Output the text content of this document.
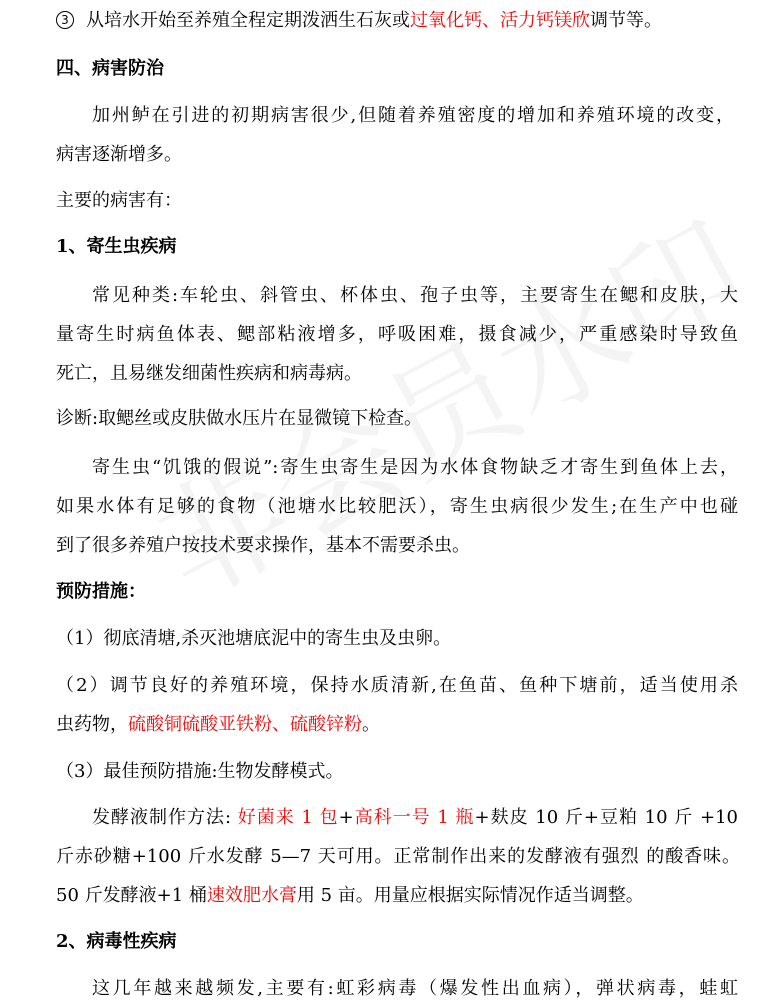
3 从培水开始至养殖全程定期泼洒生石灰或过氧化钙、活力钙镁欣调节等。
四、病害防治
加州鲈在引进的初期病害很少,但随着养殖密度的增加和养殖环境的改变，
病害逐渐增多。
主要的病害有：
1、寄生虫疾病
常见种类:车轮虫、斜管虫、杯体虫、孢子虫等，主要寄生在鳃和皮肤，大
量寄生时病鱼体表、鳃部粘液增多，呼吸困难，摄食减少，严重感染时导致鱼
死亡，且易继发细菌性疾病和病毒病。
诊断:取鳃丝或皮肤做水压片在显微镜下检查。
寄生虫“饥饿的假说”:寄生虫寄生是因为水体食物缺乏才寄生到鱼体上去，
如果水体有足够的食物（池塘水比较肥沃），寄生虫病很少发生;在生产中也碰
到了很多养殖户按技术要求操作，基本不需要杀虫。
预防措施：
（1）彻底清塘,杀灭池塘底泥中的寄生虫及虫卵。
（2）调节良好的养殖环境，保持水质清新,在鱼苗、鱼种下塘前，适当使用杀
虫药物，硫酸铜硫酸亚铁粉、硫酸锌粉。
（3）最佳预防措施:生物发酵模式。
发酵液制作方法: 好菌来 1 包+高科一号 1 瓶+麸皮 10 斤+豆粕 10 斤 +10
斤赤砂糖+100 斤水发酵 5—7 天可用。正常制作出来的发酵液有强烈 的酸香味。
50 斤发酵液+1 桶速效肥水膏用 5 亩。用量应根据实际情况作适当调整。
2、病毒性疾病
这几年越来越频发,主要有:虹彩病毒（爆发性出血病），弹状病毒，蛙虹
